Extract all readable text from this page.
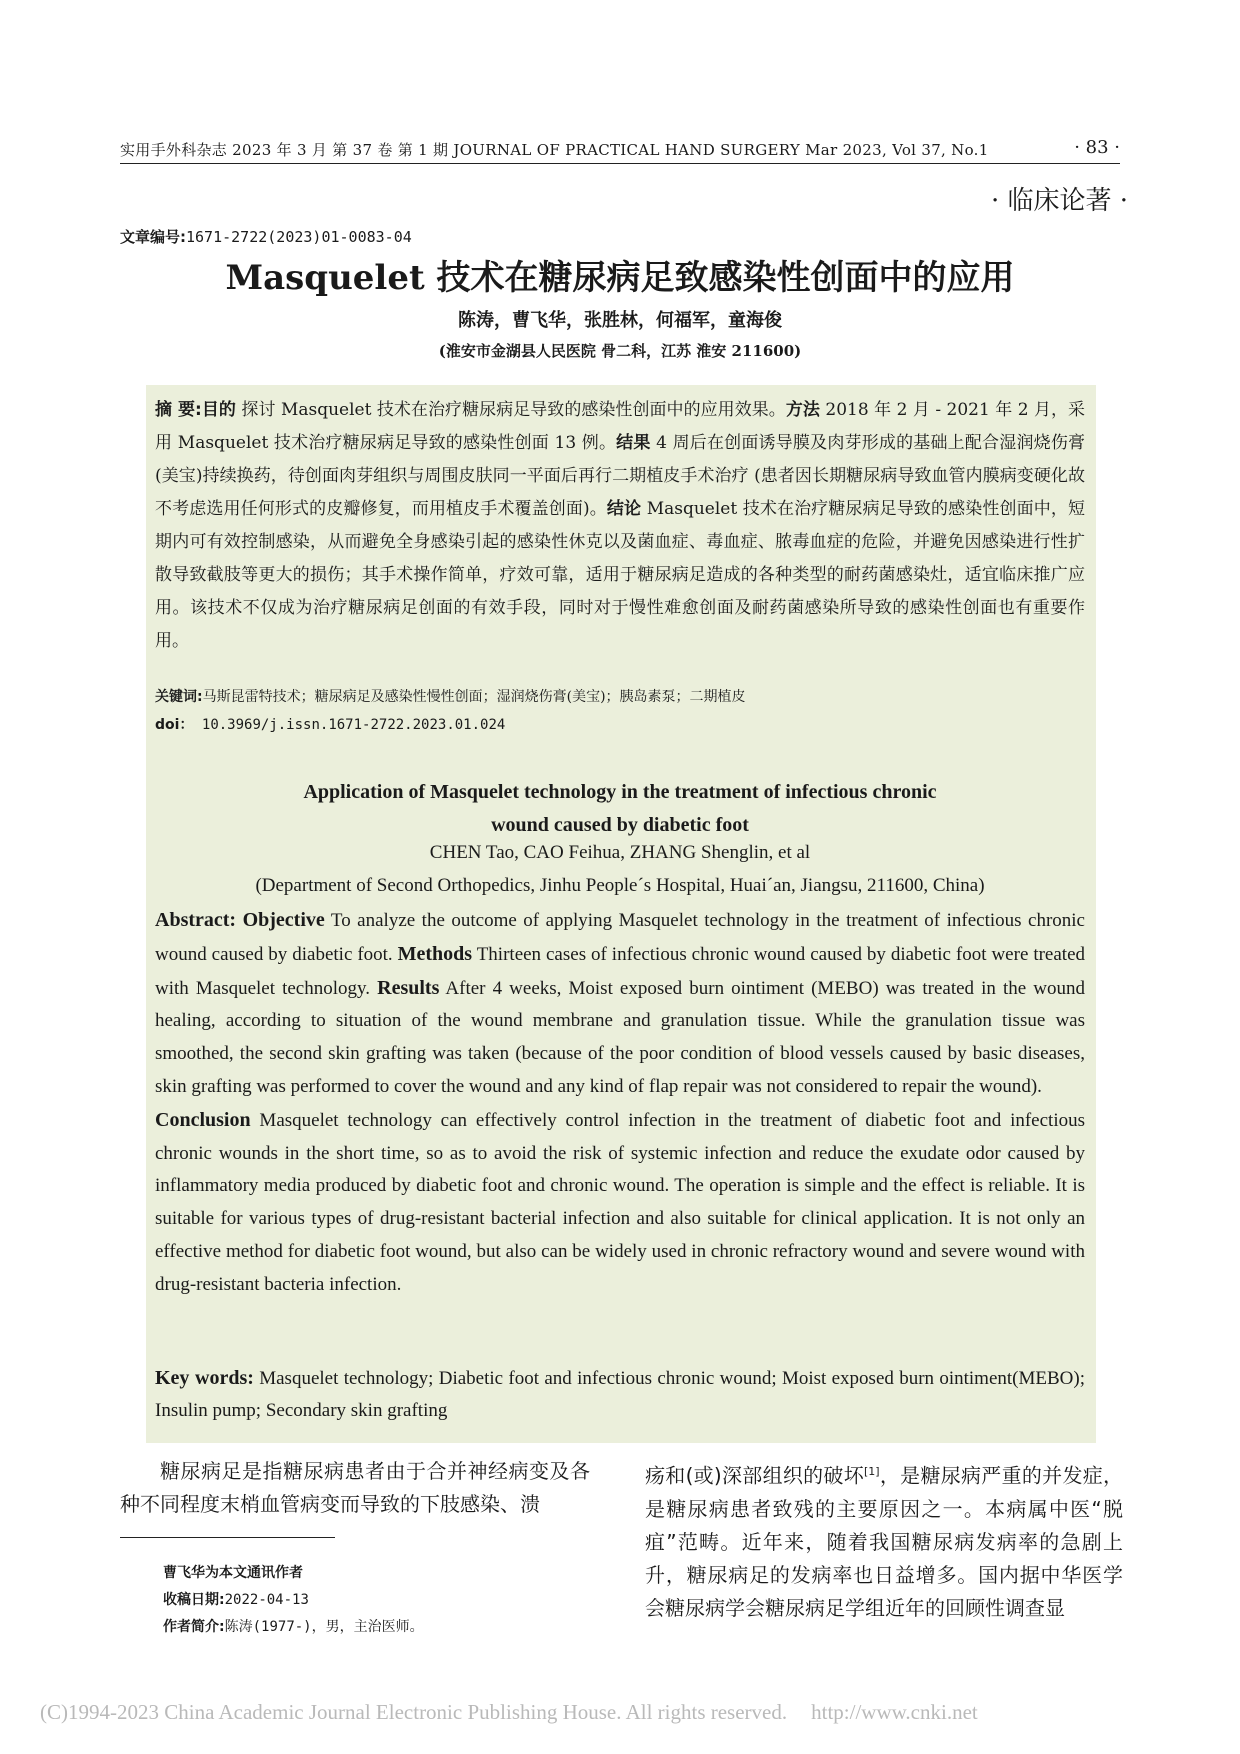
实用手外科杂志 2023 年 3 月 第 37 卷 第 1 期 JOURNAL OF PRACTICAL HAND SURGERY Mar 2023, Vol 37, No.1	· 83 ·
· 临床论著 ·
文章编号:1671-2722(2023)01-0083-04
Masquelet 技术在糖尿病足致感染性创面中的应用
陈涛，曹飞华，张胜林，何福军，童海俊
(淮安市金湖县人民医院 骨二科，江苏 淮安 211600)
摘 要:目的 探讨 Masquelet 技术在治疗糖尿病足导致的感染性创面中的应用效果。方法 2018 年 2 月 - 2021 年 2 月，采用 Masquelet 技术治疗糖尿病足导致的感染性创面 13 例。结果 4 周后在创面诱导膜及肉芽形成的基础上配合湿润烧伤膏(美宝)持续换药，待创面肉芽组织与周围皮肤同一平面后再行二期植皮手术治疗 (患者因长期糖尿病导致血管内膜病变硬化故不考虑选用任何形式的皮瓣修复，而用植皮手术覆盖创面)。结论 Masquelet 技术在治疗糖尿病足导致的感染性创面中，短期内可有效控制感染，从而避免全身感染引起的感染性休克以及菌血症、毒血症、脓毒血症的危险，并避免因感染进行性扩散导致截肢等更大的损伤；其手术操作简单，疗效可靠，适用于糖尿病足造成的各种类型的耐药菌感染灶，适宜临床推广应用。该技术不仅成为治疗糖尿病足创面的有效手段，同时对于慢性难愈创面及耐药菌感染所导致的感染性创面也有重要作用。
关键词:马斯昆雷特技术；糖尿病足及感染性慢性创面；湿润烧伤膏(美宝)；胰岛素泵；二期植皮
doi： 10.3969/j.issn.1671-2722.2023.01.024
Application of Masquelet technology in the treatment of infectious chronic
wound caused by diabetic foot
CHEN Tao, CAO Feihua, ZHANG Shenglin, et al
(Department of Second Orthopedics, Jinhu People´s Hospital, Huai´an, Jiangsu, 211600, China)
Abstract: Objective To analyze the outcome of applying Masquelet technology in the treatment of infectious chronic wound caused by diabetic foot. Methods Thirteen cases of infectious chronic wound caused by diabetic foot were treated with Masquelet technology. Results After 4 weeks, Moist exposed burn ointiment (MEBO) was treated in the wound healing, according to situation of the wound membrane and granulation tissue. While the granulation tissue was smoothed, the second skin grafting was taken (because of the poor condition of blood vessels caused by basic diseases, skin grafting was performed to cover the wound and any kind of flap repair was not considered to repair the wound).
Conclusion Masquelet technology can effectively control infection in the treatment of diabetic foot and infectious chronic wounds in the short time, so as to avoid the risk of systemic infection and reduce the exudate odor caused by inflammatory media produced by diabetic foot and chronic wound. The operation is simple and the effect is reliable. It is suitable for various types of drug-resistant bacterial infection and also suitable for clinical application. It is not only an effective method for diabetic foot wound, but also can be widely used in chronic refractory wound and severe wound with drug-resistant bacteria infection.
Key words: Masquelet technology; Diabetic foot and infectious chronic wound; Moist exposed burn ointiment(MEBO); Insulin pump; Secondary skin grafting
糖尿病足是指糖尿病患者由于合并神经病变及各种不同程度末梢血管病变而导致的下肢感染、溃
疡和(或)深部组织的破坏[1]，是糖尿病严重的并发症，是糖尿病患者致残的主要原因之一。本病属中医“脱疽”范畴。近年来，随着我国糖尿病发病率的急剧上升，糖尿病足的发病率也日益增多。国内据中华医学会糖尿病学会糖尿病足学组近年的回顾性调查显
曹飞华为本文通讯作者
收稿日期:2022-04-13
作者简介:陈涛(1977-)，男，主治医师。
(C)1994-2023 China Academic Journal Electronic Publishing House. All rights reserved. http://www.cnki.net
